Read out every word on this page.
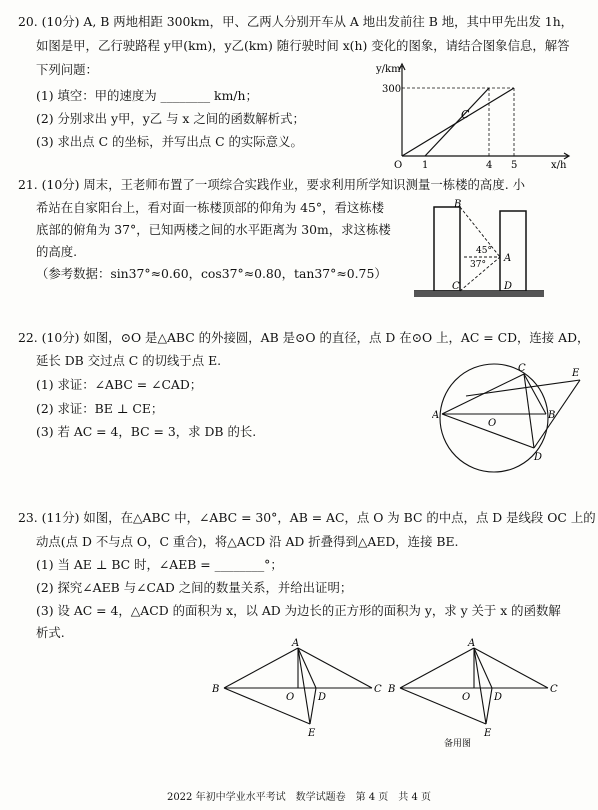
20. (10分) A, B 两地相距 300km，甲、乙两人分别开车从 A 地出发前往 B 地，其中甲先出发 1h，
如图是甲，乙行驶路程 y甲(km)，y乙(km) 随行驶时间 x(h) 变化的图象，请结合图象信息，解答
下列问题：
(1) 填空：甲的速度为 ________ km/h；
(2) 分别求出 y甲，y乙 与 x 之间的函数解析式；
(3) 求出点 C 的坐标，并写出点 C 的实际意义。
y/km
x/h
300
O 1	4 5
C
21. (10分) 周末，王老师布置了一项综合实践作业，要求利用所学知识测量一栋楼的高度. 小
希站在自家阳台上，看对面一栋楼顶部的仰角为 45°，看这栋楼
底部的俯角为 37°，已知两楼之间的水平距离为 30m，求这栋楼
的高度.
（参考数据：sin37°≈0.60，cos37°≈0.80，tan37°≈0.75）
B
A
C	D
45°
37°
22. (10分) 如图，⊙O 是△ABC 的外接圆，AB 是⊙O 的直径，点 D 在⊙O 上，AC = CD，连接 AD，
延长 DB 交过点 C 的切线于点 E.
(1) 求证：∠ABC = ∠CAD；
(2) 求证：BE ⊥ CE；
(3) 若 AC = 4，BC = 3，求 DB 的长.
C	E
A
O
B
D
23. (11分) 如图，在△ABC 中，∠ABC = 30°，AB = AC，点 O 为 BC 的中点，点 D 是线段 OC 上的
动点(点 D 不与点 O，C 重合)，将△ACD 沿 AD 折叠得到△AED，连接 BE.
(1) 当 AE ⊥ BC 时，∠AEB = ________°；
(2) 探究∠AEB 与∠CAD 之间的数量关系，并给出证明；
(3) 设 AC = 4，△ACD 的面积为 x，以 AD 为边长的正方形的面积为 y，求 y 关于 x 的函数解
析式.
A
B
O D
C
E
A
B
O D
C
E
备用图
2022 年初中学业水平考试　数学试题卷　第 4 页　共 4 页
